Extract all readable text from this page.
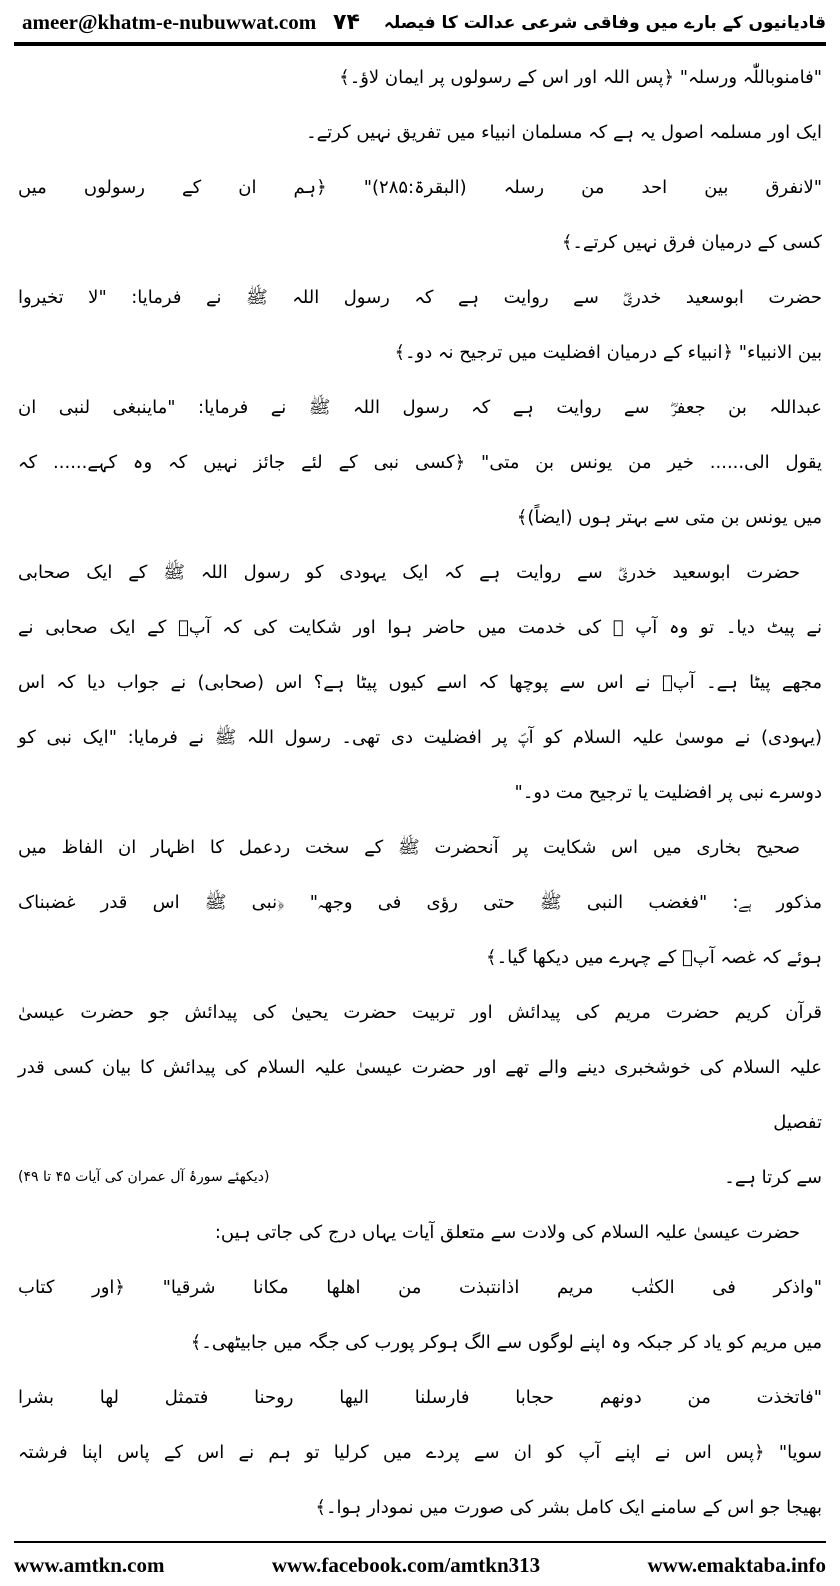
ameer@khatm-e-nubuwwat.com	قادیانیوں کے بارے میں وفاقی شرعی عدالت کا فیصلہ
۷۴
"فامنوباللّٰہ ورسلہ" ﴿پس اللہ اور اس کے رسولوں پر ایمان لاؤ۔﴾
ایک اور مسلمہ اصول یہ ہے کہ مسلمان انبیاء میں تفریق نہیں کرتے۔
"لانفرق بین احد من رسلہ (البقرۃ:۲۸۵)" ﴿ہم ان کے رسولوں میں
کسی کے درمیان فرق نہیں کرتے۔﴾
حضرت ابوسعید خدریؓ سے روایت ہے کہ رسول اللہ ﷺ نے فرمایا: "لا تخیروا
بین الانبیاء" ﴿انبیاء کے درمیان افضلیت میں ترجیح نہ دو۔﴾
عبداللہ بن جعفرؓ سے روایت ہے کہ رسول اللہ ﷺ نے فرمایا: "ماینبغی لنبی ان
یقول الی...... خیر من یونس بن متی" ﴿کسی نبی کے لئے جائز نہیں کہ وہ کہے...... کہ
میں یونس بن متی سے بہتر ہوں (ایضاً)﴾
حضرت ابوسعید خدریؓ سے روایت ہے کہ ایک یہودی کو رسول اللہ ﷺ کے ایک صحابی
نے پیٹ دیا۔ تو وہ آپ ﷺ کی خدمت میں حاضر ہوا اور شکایت کی کہ آپؐ کے ایک صحابی نے
مجھے پیٹا ہے۔ آپؐ نے اس سے پوچھا کہ اسے کیوں پیٹا ہے؟ اس (صحابی) نے جواب دیا کہ اس
(یہودی) نے موسیٰ علیہ السلام کو آپؐ پر افضلیت دی تھی۔ رسول اللہ ﷺ نے فرمایا: "ایک نبی کو
دوسرے نبی پر افضلیت یا ترجیح مت دو۔"
صحیح بخاری میں اس شکایت پر آنحضرت ﷺ کے سخت ردعمل کا اظہار ان الفاظ میں
مذکور ہے: "فغضب النبی ﷺ حتی رؤی فی وجھہ" ﴿نبی ﷺ اس قدر غضبناک
ہوئے کہ غصہ آپؐ کے چہرے میں دیکھا گیا۔﴾
قرآن کریم حضرت مریم کی پیدائش اور تربیت حضرت یحییٰ کی پیدائش جو حضرت عیسیٰ
علیہ السلام کی خوشخبری دینے والے تھے اور حضرت عیسیٰ علیہ السلام کی پیدائش کا بیان کسی قدر تفصیل
سے کرتا ہے۔
(دیکھئے سورۂ آل عمران کی آیات ۴۵ تا ۴۹)
حضرت عیسیٰ علیہ السلام کی ولادت سے متعلق آیات یہاں درج کی جاتی ہیں:
"واذکر فی الکتٰب مریم اذانتبذت من اھلھا مکانا شرقیا" ﴿اور کتاب
میں مریم کو یاد کر جبکہ وہ اپنے لوگوں سے الگ ہوکر پورب کی جگہ میں جابیٹھی۔﴾
"فاتخذت من دونھم حجابا فارسلنا الیھا روحنا فتمثل لھا بشرا
سویا" ﴿پس اس نے اپنے آپ کو ان سے پردے میں کرلیا تو ہم نے اس کے پاس اپنا فرشتہ
بھیجا جو اس کے سامنے ایک کامل بشر کی صورت میں نمودار ہوا۔﴾
www.amtkn.com	www.facebook.com/amtkn313	www.emaktaba.info
